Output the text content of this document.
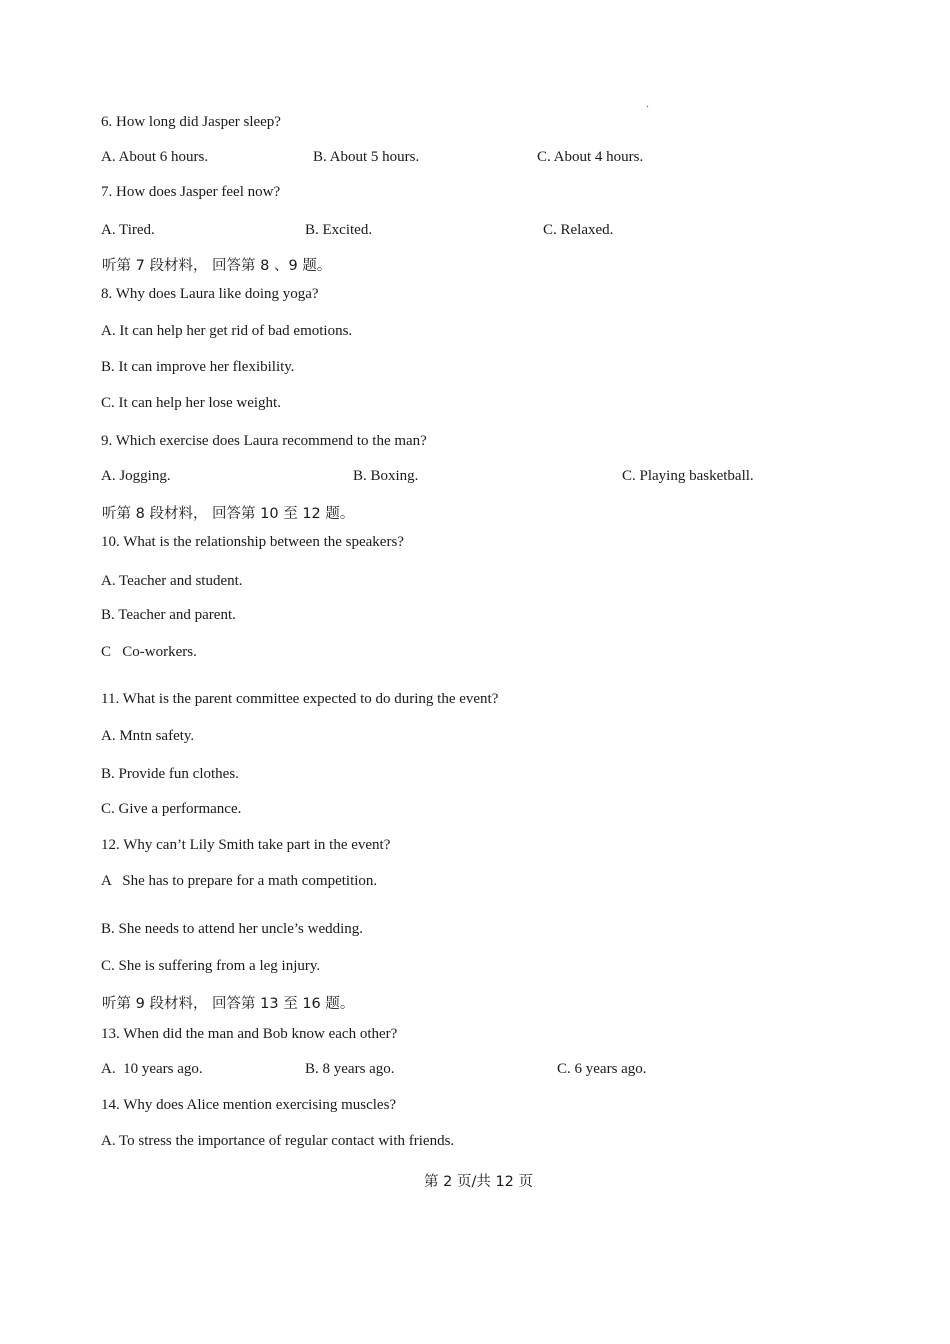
.
6. How long did Jasper sleep?
A. About 6 hours.	B. About 5 hours.	C. About 4 hours.
7. How does Jasper feel now?
A. Tired.	B. Excited.	C. Relaxed.
听第 7 段材料， 回答第 8 、9 题。
8. Why does Laura like doing yoga?
A. It can help her get rid of bad emotions.
B. It can improve her flexibility.
C. It can help her lose weight.
9. Which exercise does Laura recommend to the man?
A. Jogging.	B. Boxing.	C. Playing basketball.
听第 8 段材料， 回答第 10 至 12 题。
10. What is the relationship between the speakers?
A. Teacher and student.
B. Teacher and parent.
C   Co-workers.
11. What is the parent committee expected to do during the event?
A. Mntn safety.
B. Provide fun clothes.
C. Give a performance.
12. Why can’t Lily Smith take part in the event?
A   She has to prepare for a math competition.
B. She needs to attend her uncle’s wedding.
C. She is suffering from a leg injury.
听第 9 段材料， 回答第 13 至 16 题。
13. When did the man and Bob know each other?
A.  10 years ago.	B. 8 years ago.	C. 6 years ago.
14. Why does Alice mention exercising muscles?
A. To stress the importance of regular contact with friends.
第 2 页/共 12 页
